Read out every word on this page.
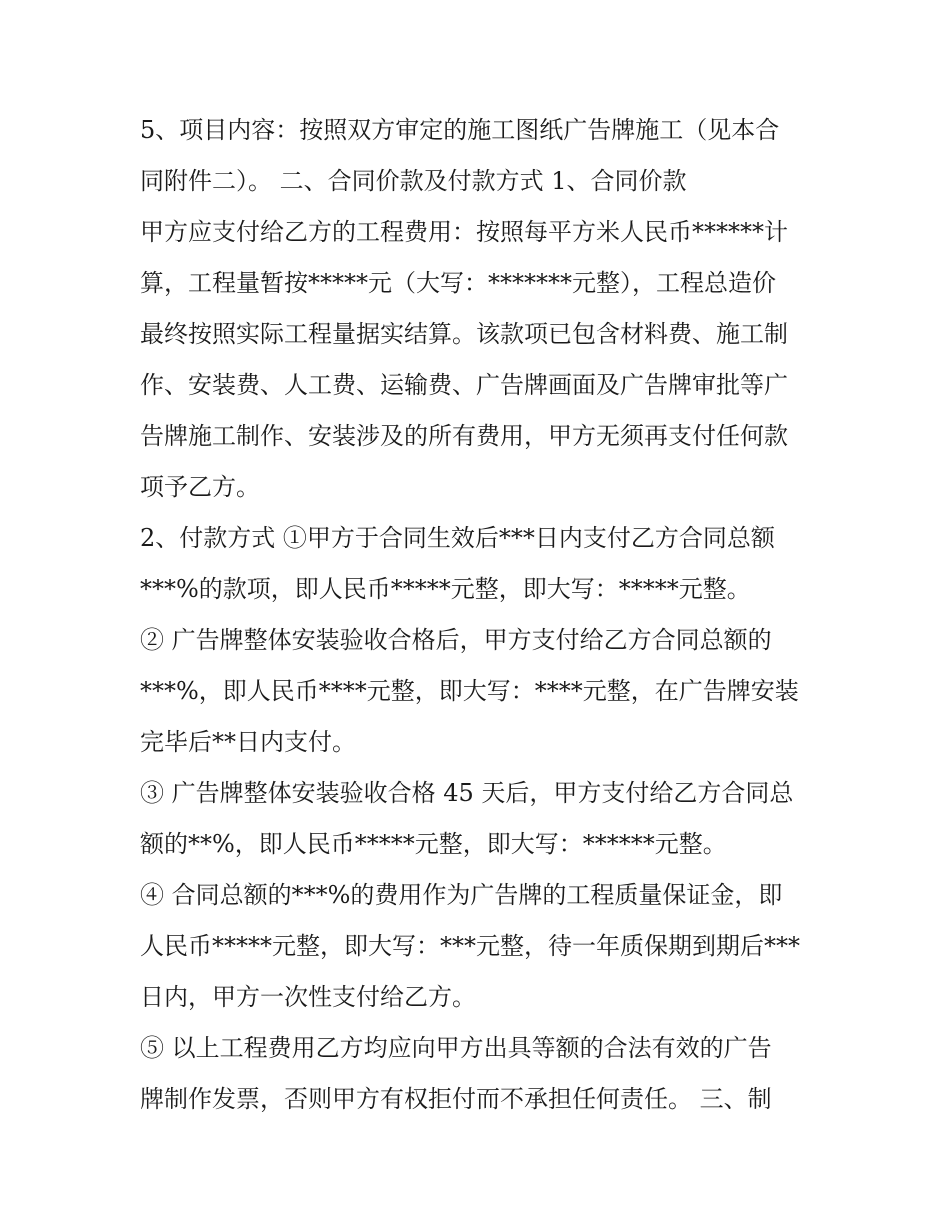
5、项目内容：按照双方审定的施工图纸广告牌施工（见本合
同附件二）。 二、合同价款及付款方式 1、合同价款
甲方应支付给乙方的工程费用：按照每平方米人民币******计
算，工程量暂按*****元（大写：*******元整），工程总造价
最终按照实际工程量据实结算。该款项已包含材料费、施工制
作、安装费、人工费、运输费、广告牌画面及广告牌审批等广
告牌施工制作、安装涉及的所有费用，甲方无须再支付任何款
项予乙方。
2、付款方式 ①甲方于合同生效后***日内支付乙方合同总额
***%的款项，即人民币*****元整，即大写：*****元整。
② 广告牌整体安装验收合格后，甲方支付给乙方合同总额的
***%，即人民币****元整，即大写：****元整，在广告牌安装
完毕后**日内支付。
③ 广告牌整体安装验收合格 45 天后，甲方支付给乙方合同总
额的**%，即人民币*****元整，即大写：******元整。
④ 合同总额的***%的费用作为广告牌的工程质量保证金，即
人民币*****元整，即大写：***元整，待一年质保期到期后***
日内，甲方一次性支付给乙方。
⑤ 以上工程费用乙方均应向甲方出具等额的合法有效的广告
牌制作发票，否则甲方有权拒付而不承担任何责任。 三、制
